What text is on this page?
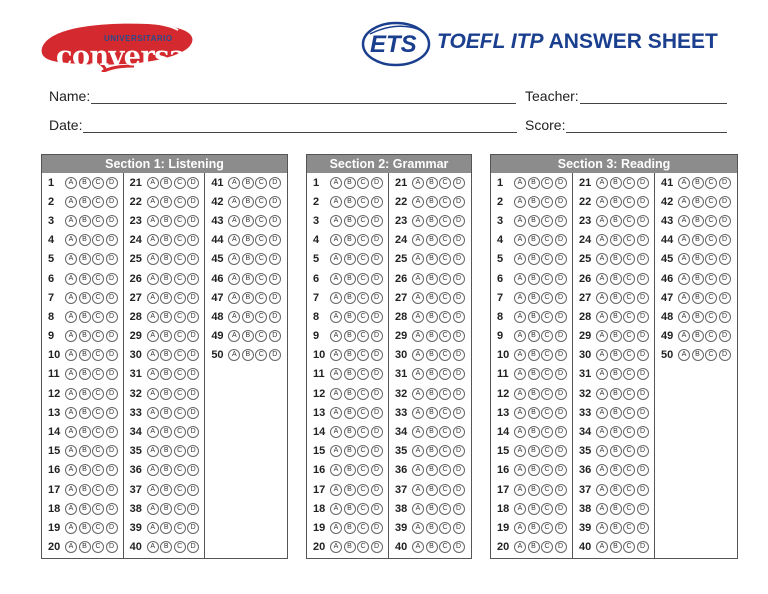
UNIVERSITARIO
conversa	ETS TOEFL ITP ANSWER SHEET
Name:	Teacher:
Date:	Score:
Section 1: Listening
1	A	B	C	D
2	A	B	C	D
3	A	B	C	D
4	A	B	C	D
5	A	B	C	D
6	A	B	C	D
7	A	B	C	D
8	A	B	C	D
9	A	B	C	D
10	A	B	C	D
11	A	B	C	D
12	A	B	C	D
13	A	B	C	D
14	A	B	C	D
15	A	B	C	D
16	A	B	C	D
17	A	B	C	D
18	A	B	C	D
19	A	B	C	D
20	A	B	C	D
21	A	B	C	D
22	A	B	C	D
23	A	B	C	D
24	A	B	C	D
25	A	B	C	D
26	A	B	C	D
27	A	B	C	D
28	A	B	C	D
29	A	B	C	D
30	A	B	C	D
31	A	B	C	D
32	A	B	C	D
33	A	B	C	D
34	A	B	C	D
35	A	B	C	D
36	A	B	C	D
37	A	B	C	D
38	A	B	C	D
39	A	B	C	D
40	A	B	C	D
41	A	B	C	D
42	A	B	C	D
43	A	B	C	D
44	A	B	C	D
45	A	B	C	D
46	A	B	C	D
47	A	B	C	D
48	A	B	C	D
49	A	B	C	D
50	A	B	C	D
Section 2: Grammar
1	A	B	C	D
2	A	B	C	D
3	A	B	C	D
4	A	B	C	D
5	A	B	C	D
6	A	B	C	D
7	A	B	C	D
8	A	B	C	D
9	A	B	C	D
10	A	B	C	D
11	A	B	C	D
12	A	B	C	D
13	A	B	C	D
14	A	B	C	D
15	A	B	C	D
16	A	B	C	D
17	A	B	C	D
18	A	B	C	D
19	A	B	C	D
20	A	B	C	D
21	A	B	C	D
22	A	B	C	D
23	A	B	C	D
24	A	B	C	D
25	A	B	C	D
26	A	B	C	D
27	A	B	C	D
28	A	B	C	D
29	A	B	C	D
30	A	B	C	D
31	A	B	C	D
32	A	B	C	D
33	A	B	C	D
34	A	B	C	D
35	A	B	C	D
36	A	B	C	D
37	A	B	C	D
38	A	B	C	D
39	A	B	C	D
40	A	B	C	D
Section 3: Reading
1	A	B	C	D
2	A	B	C	D
3	A	B	C	D
4	A	B	C	D
5	A	B	C	D
6	A	B	C	D
7	A	B	C	D
8	A	B	C	D
9	A	B	C	D
10	A	B	C	D
11	A	B	C	D
12	A	B	C	D
13	A	B	C	D
14	A	B	C	D
15	A	B	C	D
16	A	B	C	D
17	A	B	C	D
18	A	B	C	D
19	A	B	C	D
20	A	B	C	D
21	A	B	C	D
22	A	B	C	D
23	A	B	C	D
24	A	B	C	D
25	A	B	C	D
26	A	B	C	D
27	A	B	C	D
28	A	B	C	D
29	A	B	C	D
30	A	B	C	D
31	A	B	C	D
32	A	B	C	D
33	A	B	C	D
34	A	B	C	D
35	A	B	C	D
36	A	B	C	D
37	A	B	C	D
38	A	B	C	D
39	A	B	C	D
40	A	B	C	D
41	A	B	C	D
42	A	B	C	D
43	A	B	C	D
44	A	B	C	D
45	A	B	C	D
46	A	B	C	D
47	A	B	C	D
48	A	B	C	D
49	A	B	C	D
50	A	B	C	D
